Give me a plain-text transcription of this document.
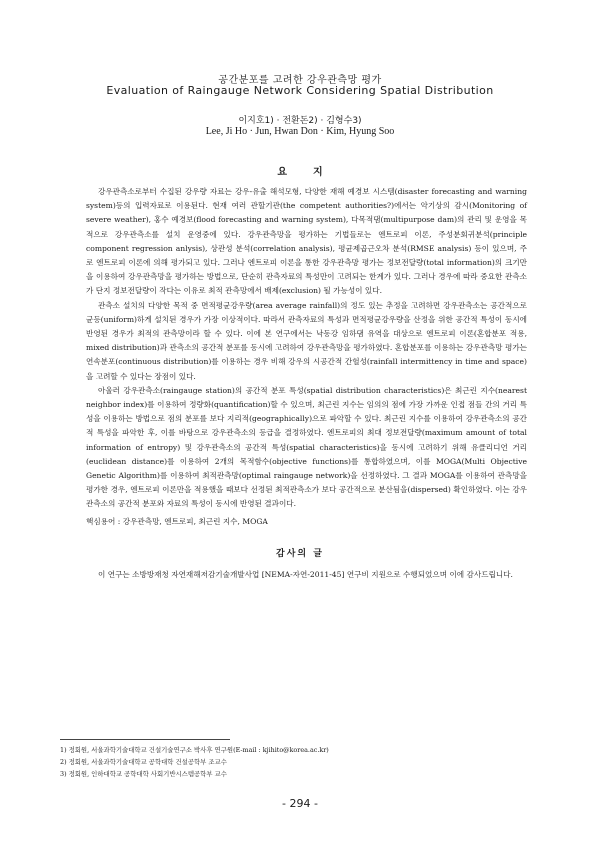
공간분포를 고려한 강우관측망 평가
Evaluation of Raingauge Network Considering Spatial Distribution
이지호1) · 전환돈2) · 김형수3)
Lee, Ji Ho · Jun, Hwan Don · Kim, Hyung Soo
요지

강우관측소로부터 수집된 강우량 자료는 강우-유출 해석모형, 다양한 재해 예경보 시스템(disaster forecasting and warning system)등의 입력자료로 이용된다. 현재 여러 관할기관(the competent authorities?)에서는 악기상의 감시(Monitoring of severe weather), 홍수 예경보(flood forecasting and warning system), 다목적댐(multipurpose dam)의 관리 및 운영을 목적으로 강우관측소를 설치 운영중에 있다. 강우관측망을 평가하는 기법들로는 엔트로피 이론, 주성분회귀분석(principle component regression anlysis), 상관성 분석(correlation analysis), 평균제곱근오차 분석(RMSE analysis) 등이 있으며, 주로 엔트로피 이론에 의해 평가되고 있다. 그러나 엔트로피 이론을 통한 강우관측망 평가는 정보전달량(total information)의 크기만을 이용하여 강우관측망을 평가하는 방법으로, 단순히 관측자료의 특성만이 고려되는 한계가 있다. 그러나 경우에 따라 중요한 관측소가 단지 정보전달량이 작다는 이유로 최적 관측망에서 배제(exclusion) 될 가능성이 있다.

관측소 설치의 다양한 목적 중 면적평균강우량(area average rainfall)의 정도 있는 추정을 고려하면 강우관측소는 공간적으로 균등(uniform)하게 설치된 경우가 가장 이상적이다. 따라서 관측자료의 특성과 면적평균강우량을 산정을 위한 공간적 특성이 동시에 반영된 경우가 최적의 관측망이라 할 수 있다. 이에 본 연구에서는 낙동강 임하댐 유역을 대상으로 엔트로피 이론(혼합분포 적용, mixed distribution)과 관측소의 공간적 분포를 동시에 고려하여 강우관측망을 평가하였다. 혼합분포를 이용하는 강우관측망 평가는 연속분포(continuous distribution)를 이용하는 경우 비해 강우의 시공간적 간헐성(rainfall intermittency in time and space)을 고려할 수 있다는 장점이 있다.

아울러 강우관측소(raingauge station)의 공간적 분포 특성(spatial distribution characteristics)은 최근린 지수(nearest neighbor index)를 이용하여 정량화(quantification)할 수 있으며, 최근린 지수는 임의의 점에 가장 가까운 인접 점들 간의 거리 특성을 이용하는 방법으로 점의 분포를 보다 지리적(geographically)으로 파악할 수 있다. 최근린 지수를 이용하여 강우관측소의 공간적 특성을 파악한 후, 이를 바탕으로 강우관측소의 등급을 결정하였다. 엔트로피의 최대 정보전달량(maximum amount of total information of entropy) 및 강우관측소의 공간적 특성(spatial characteristics)을 동시에 고려하기 위해 유클리디언 거리(euclidean distance)를 이용하여 2개의 목적함수(objective functions)를 통합하였으며, 이를 MOGA(Multi Objective Genetic Algorithm)를 이용하여 최적관측망(optimal raingauge network)을 선정하였다. 그 결과 MOGA를 이용하여 관측망을 평가한 경우, 엔트로피 이론만을 적용했을 때보다 선정된 최적관측소가 보다 공간적으로 분산됨을(dispersed) 확인하였다. 이는 강우관측소의 공간적 분포와 자료의 특성이 동시에 반영된 결과이다.

핵심용어 : 강우관측망, 엔트로피, 최근린 지수, MOGA
감사의 글

이 연구는 소방방재청 자연재해저감기술개발사업 [NEMA-자연-2011-45] 연구비 지원으로 수행되었으며 이에 감사드립니다.

1) 정회원, 서울과학기술대학교 건설기술연구소 박사후 연구원(E-mail : kjihito@korea.ac.kr)
2) 정회원, 서울과학기술대학교 공학대학 건설공학부 조교수
3) 정회원, 인하대학교 공학대학 사회기반시스템공학부 교수
- 294 -
